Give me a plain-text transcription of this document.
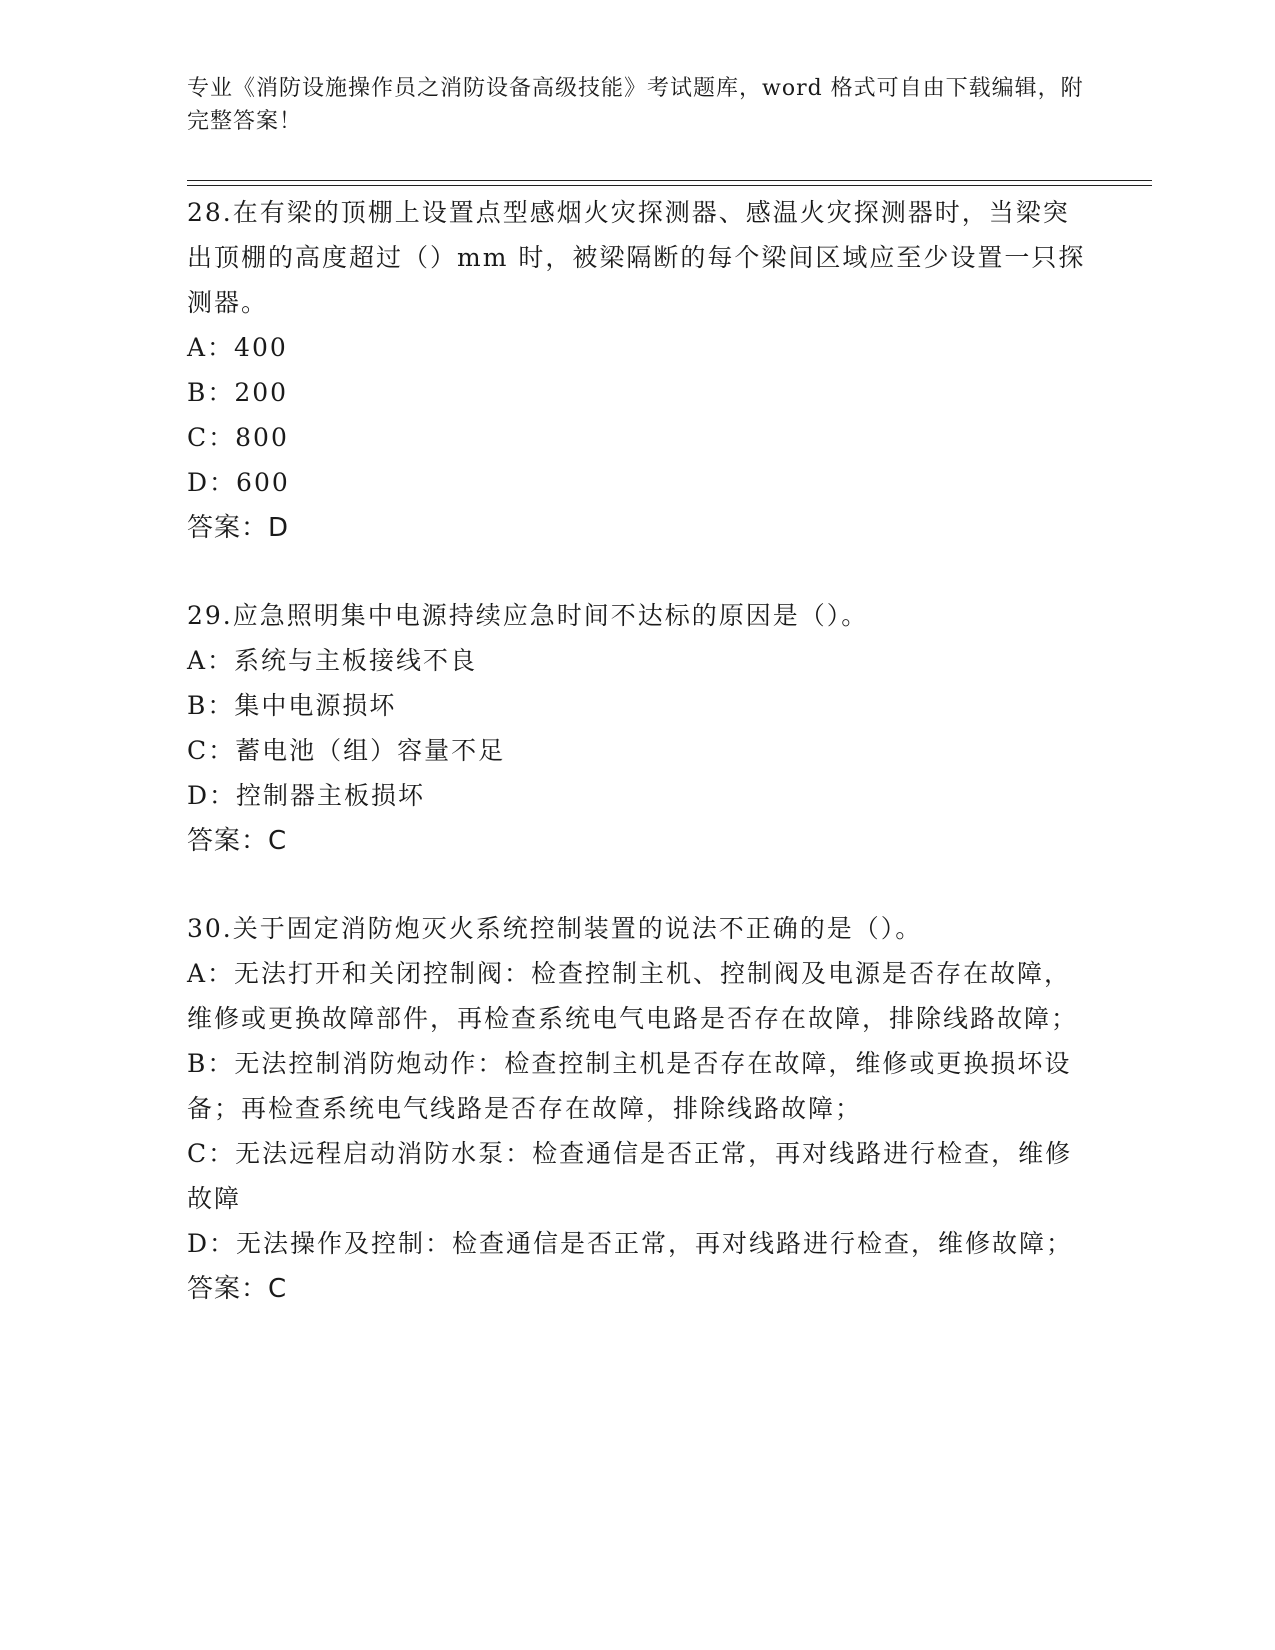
专业《消防设施操作员之消防设备高级技能》考试题库，word 格式可自由下载编辑，附完整答案！
28.在有梁的顶棚上设置点型感烟火灾探测器、感温火灾探测器时，当梁突出顶棚的高度超过（）mm 时，被梁隔断的每个梁间区域应至少设置一只探测器。
A：400
B：200
C：800
D：600
答案：D
29.应急照明集中电源持续应急时间不达标的原因是（）。
A：系统与主板接线不良
B：集中电源损坏
C：蓄电池（组）容量不足
D：控制器主板损坏
答案：C
30.关于固定消防炮灭火系统控制装置的说法不正确的是（）。
A：无法打开和关闭控制阀：检查控制主机、控制阀及电源是否存在故障，维修或更换故障部件，再检查系统电气电路是否存在故障，排除线路故障；
B：无法控制消防炮动作：检查控制主机是否存在故障，维修或更换损坏设备；再检查系统电气线路是否存在故障，排除线路故障；
C：无法远程启动消防水泵：检查通信是否正常，再对线路进行检查，维修故障
D：无法操作及控制：检查通信是否正常，再对线路进行检查，维修故障；
答案：C
